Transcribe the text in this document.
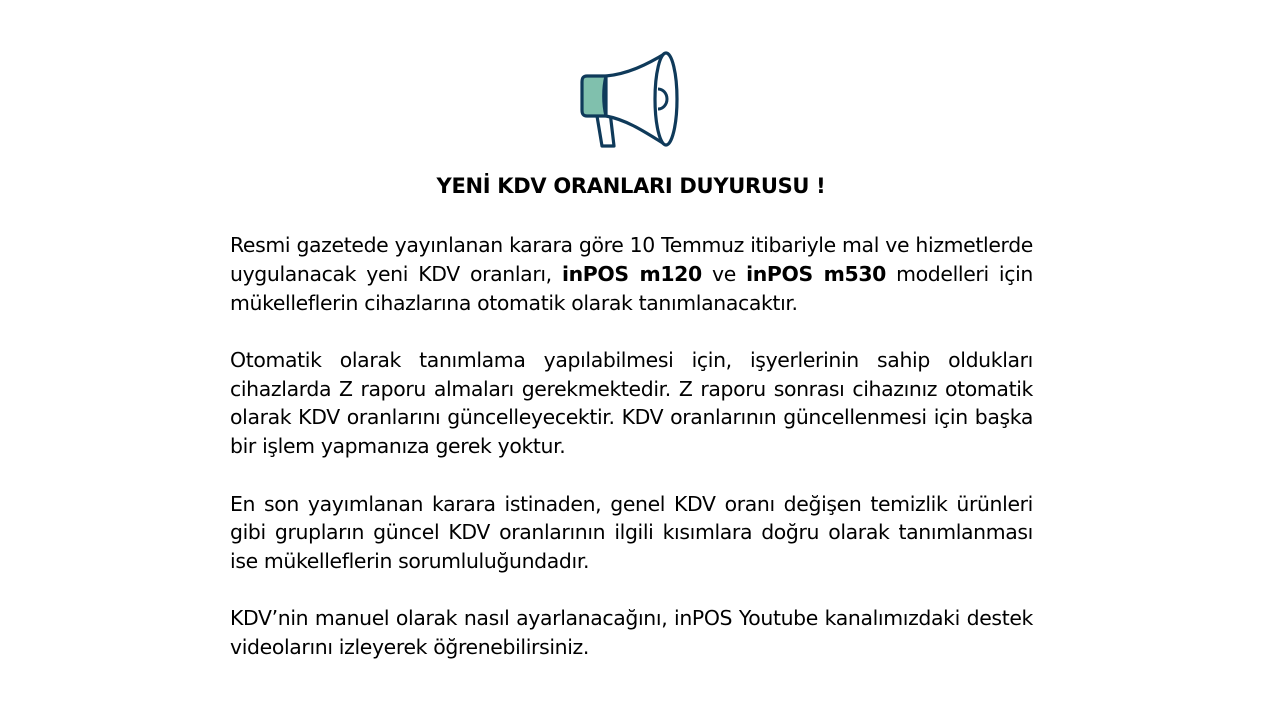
YENİ KDV ORANLARI DUYURUSU !

Resmi gazetede yayınlanan karara göre 10 Temmuz itibariyle mal ve hizmetlerde uygulanacak yeni KDV oranları, inPOS m120 ve inPOS m530 modelleri için mükelleflerin cihazlarına otomatik olarak tanımlanacaktır.

Otomatik olarak tanımlama yapılabilmesi için, işyerlerinin sahip oldukları cihazlarda Z raporu almaları gerekmektedir. Z raporu sonrası cihazınız otomatik olarak KDV oranlarını güncelleyecektir. KDV oranlarının güncellenmesi için başka bir işlem yapmanıza gerek yoktur.

En son yayımlanan karara istinaden, genel KDV oranı değişen temizlik ürünleri gibi grupların güncel KDV oranlarının ilgili kısımlara doğru olarak tanımlanması ise mükelleflerin sorumluluğundadır.

KDV’nin manuel olarak nasıl ayarlanacağını, inPOS Youtube kanalımızdaki destek videolarını izleyerek öğrenebilirsiniz.
